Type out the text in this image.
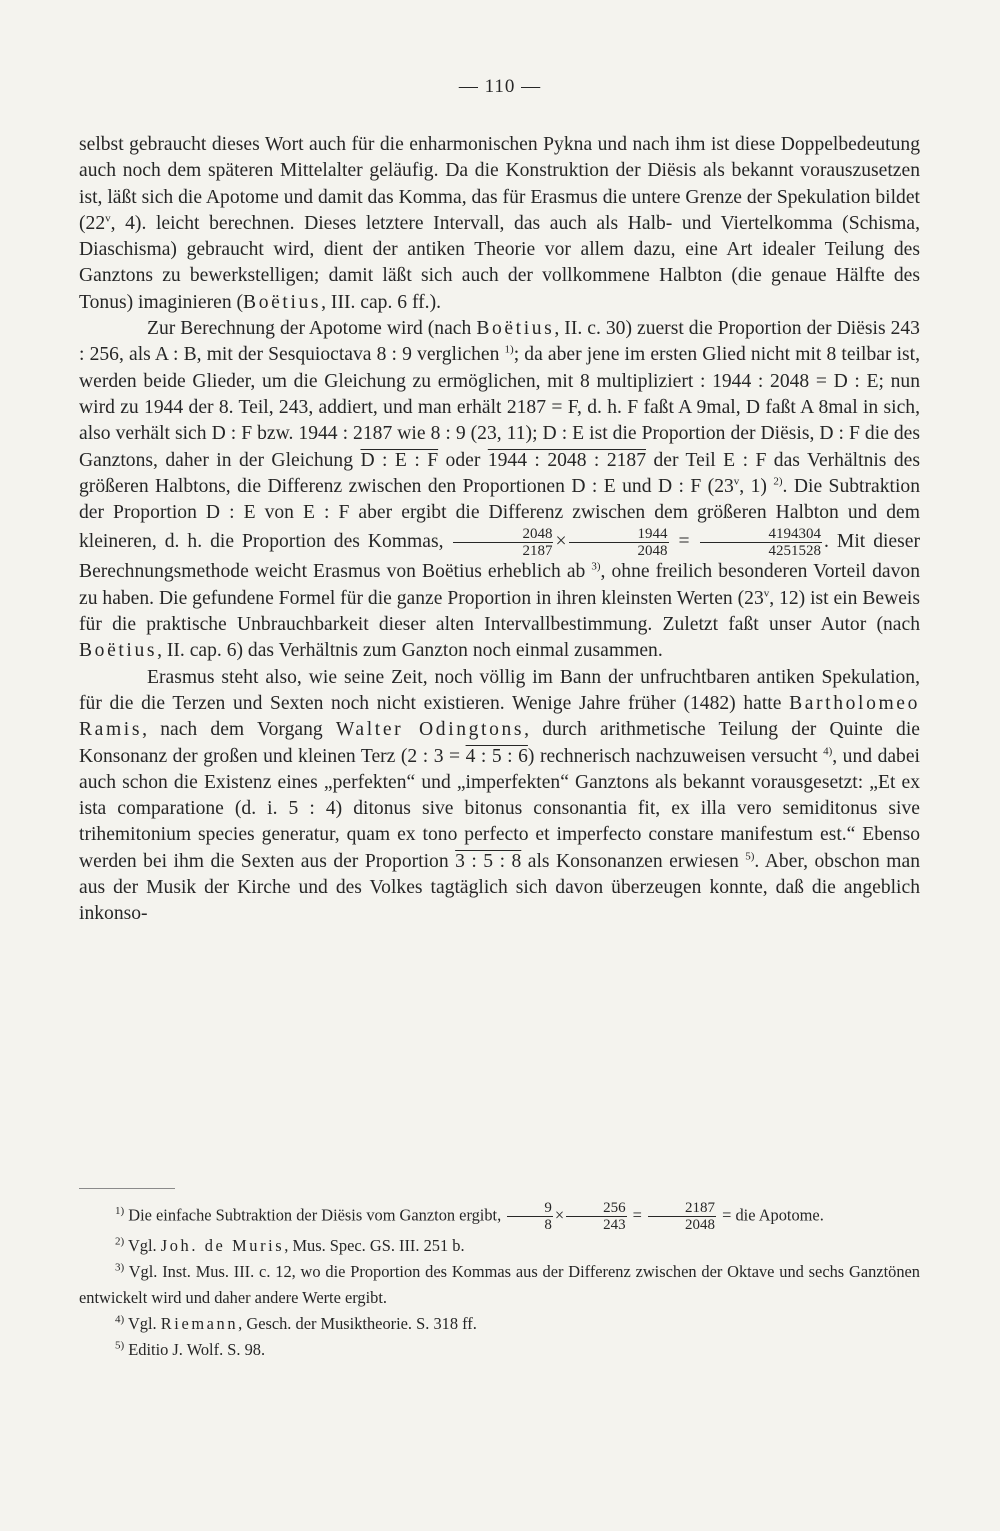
— 110 —

selbst gebraucht dieses Wort auch für die enharmonischen Pykna und nach ihm ist diese Doppelbedeutung auch noch dem späteren Mittelalter geläufig. Da die Konstruktion der Diësis als bekannt vorauszusetzen ist, läßt sich die Apotome und damit das Komma, das für Erasmus die untere Grenze der Spekulation bildet (22$^v$, 4). leicht berechnen. Dieses letztere Intervall, das auch als Halb- und Viertelkomma (Schisma, Diaschisma) gebraucht wird, dient der antiken Theorie vor allem dazu, eine Art idealer Teilung des Ganztons zu bewerkstelligen; damit läßt sich auch der vollkommene Halbton (die genaue Hälfte des Tonus) imaginieren (Boëtius, III. cap. 6 ff.).

Zur Berechnung der Apotome wird (nach Boëtius, II. c. 30) zuerst die Proportion der Diësis 243 : 256, als A : B, mit der Sesquioctava 8 : 9 verglichen $^{1)}$; da aber jene im ersten Glied nicht mit 8 teilbar ist, werden beide Glieder, um die Gleichung zu ermöglichen, mit 8 multipliziert : 1944 : 2048 = D : E; nun wird zu 1944 der 8. Teil, 243, addiert, und man erhält 2187 = F, d. h. F faßt A 9mal, D faßt A 8mal in sich, also verhält sich D : F bzw. 1944 : 2187 wie 8 : 9 (23, 11); D : E ist die Proportion der Diësis, D : F die des Ganztons, daher in der Gleichung D : E : F oder 1944 : 2048 : 2187 der Teil E : F das Verhältnis des größeren Halbtons, die Differenz zwischen den Proportionen D : E und D : F (23$^v$, 1) $^{2)}$. Die Subtraktion der Proportion D : E von E : F aber ergibt die Differenz zwischen dem größeren Halbton und dem kleineren, d. h. die Proportion des Kommas, $\frac{2048}{2187} \times \frac{1944}{2048} = \frac{4194304}{4251528}$ . Mit dieser Berechnungsmethode weicht Erasmus von Boëtius erheblich ab $^{3)}$, ohne freilich besonderen Vorteil davon zu haben. Die gefundene Formel für die ganze Proportion in ihren kleinsten Werten (23$^v$, 12) ist ein Beweis für die praktische Unbrauchbarkeit dieser alten Intervallbestimmung. Zuletzt faßt unser Autor (nach Boëtius, II. cap. 6) das Verhältnis zum Ganzton noch einmal zusammen.

Erasmus steht also, wie seine Zeit, noch völlig im Bann der unfruchtbaren antiken Spekulation, für die die Terzen und Sexten noch nicht existieren. Wenige Jahre früher (1482) hatte Bartholomeo Ramis, nach dem Vorgang Walter Odingtons, durch arithmetische Teilung der Quinte die Konsonanz der großen und kleinen Terz (2 : 3 = 4 : 5 : 6) rechnerisch nachzuweisen versucht $^{4)}$, und dabei auch schon die Existenz eines „perfekten“ und „imperfekten“ Ganztons als bekannt vorausgesetzt: „Et ex ista comparatione (d. i. 5 : 4) ditonus sive bitonus consonantia fit, ex illa vero semiditonus sive trihemitonium species generatur, quam ex tono perfecto et imperfecto constare manifestum est.“ Ebenso werden bei ihm die Sexten aus der Proportion 3 : 5 : 8 als Konsonanzen erwiesen $^{5)}$. Aber, obschon man aus der Musik der Kirche und des Volkes tagtäglich sich davon überzeugen konnte, daß die angeblich inkonso-

$^{1)}$ Die einfache Subtraktion der Diësis vom Ganzton ergibt, $\frac{9}{8} \times \frac{256}{243} = \frac{2187}{2048}$ = die Apotome.

$^{2)}$ Vgl. Joh. de Muris, Mus. Spec. GS. III. 251 b.

$^{3)}$ Vgl. Inst. Mus. III. c. 12, wo die Proportion des Kommas aus der Differenz zwischen der Oktave und sechs Ganztönen entwickelt wird und daher andere Werte ergibt.

$^{4)}$ Vgl. Riemann, Gesch. der Musiktheorie. S. 318 ff.

$^{5)}$ Editio J. Wolf. S. 98.
